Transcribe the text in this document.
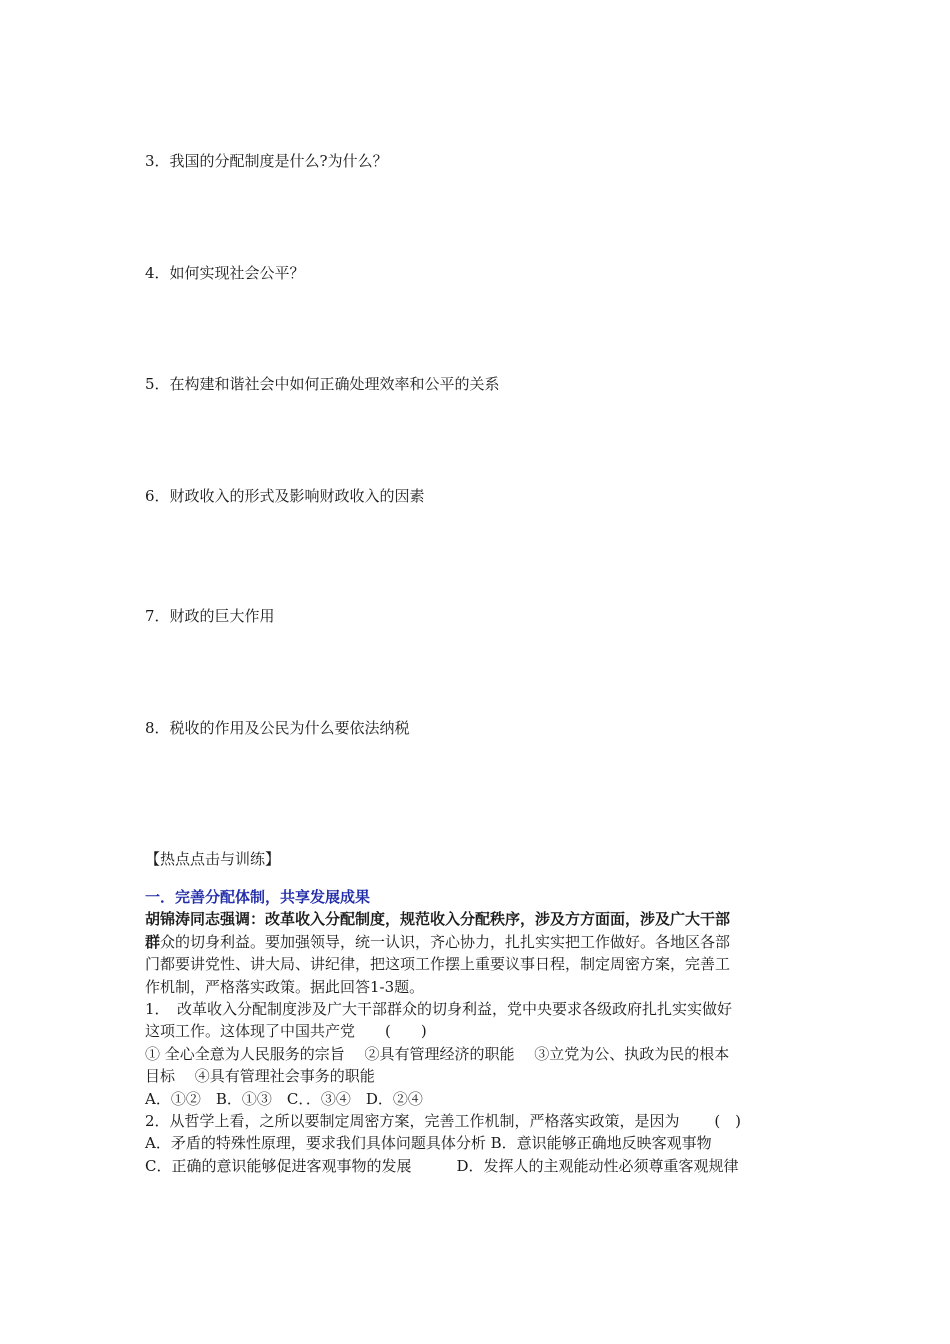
3．我国的分配制度是什么?为什么？
4．如何实现社会公平？
5．在构建和谐社会中如何正确处理效率和公平的关系
6．财政收入的形式及影响财政收入的因素
7．财政的巨大作用
8．税收的作用及公民为什么要依法纳税
【热点点击与训练】
一．完善分配体制，共享发展成果
胡锦涛同志强调：改革收入分配制度，规范收入分配秩序，涉及方方面面，涉及广大干部
群众的切身利益。要加强领导，统一认识，齐心协力，扎扎实实把工作做好。各地区各部
门都要讲党性、讲大局、讲纪律，把这项工作摆上重要议事日程，制定周密方案，完善工
作机制，严格落实政策。据此回答1-3题。
1．　改革收入分配制度涉及广大干部群众的切身利益，党中央要求各级政府扎扎实实做好
这项工作。这体现了中国共产党　　(　　)
① 全心全意为人民服务的宗旨　 ②具有管理经济的职能　 ③立党为公、执政为民的根本
目标　 ④具有管理社会事务的职能
A．①②　B．①③　C．．③④　D．②④
2．从哲学上看，之所以要制定周密方案，完善工作机制，严格落实政策，是因为　　 (　)
A．矛盾的特殊性原理，要求我们具体问题具体分析 B．意识能够正确地反映客观事物
C．正确的意识能够促进客观事物的发展　　　D．发挥人的主观能动性必须尊重客观规律
